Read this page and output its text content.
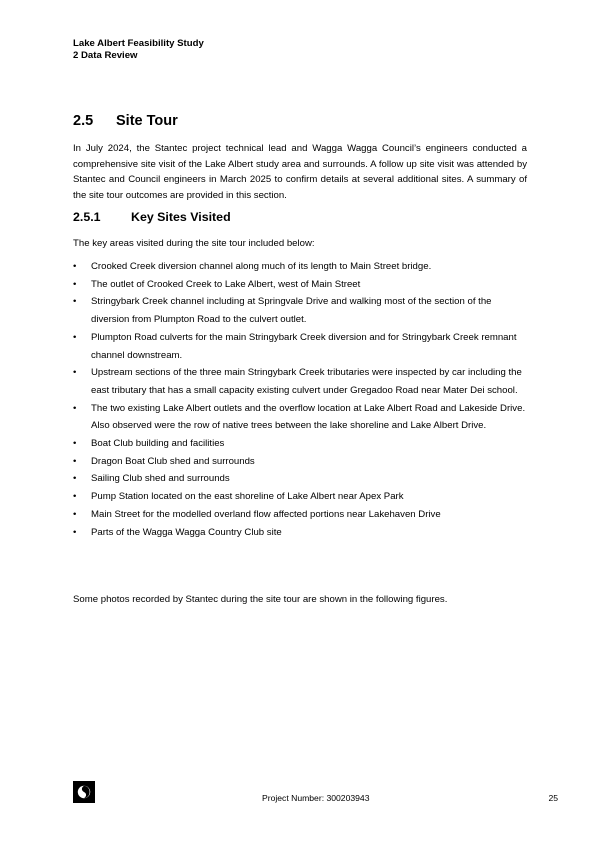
Lake Albert Feasibility Study
2 Data Review
2.5 Site Tour

In July 2024, the Stantec project technical lead and Wagga Wagga Council’s engineers conducted a comprehensive site visit of the Lake Albert study area and surrounds. A follow up site visit was attended by Stantec and Council engineers in March 2025 to confirm details at several additional sites. A summary of the site tour outcomes are provided in this section.

2.5.1 Key Sites Visited

The key areas visited during the site tour included below:

• Crooked Creek diversion channel along much of its length to Main Street bridge.
• The outlet of Crooked Creek to Lake Albert, west of Main Street
• Stringybark Creek channel including at Springvale Drive and walking most of the section of the diversion from Plumpton Road to the culvert outlet.
• Plumpton Road culverts for the main Stringybark Creek diversion and for Stringybark Creek remnant channel downstream.
• Upstream sections of the three main Stringybark Creek tributaries were inspected by car including the east tributary that has a small capacity existing culvert under Gregadoo Road near Mater Dei school.
• The two existing Lake Albert outlets and the overflow location at Lake Albert Road and Lakeside Drive. Also observed were the row of native trees between the lake shoreline and Lake Albert Drive.
• Boat Club building and facilities
• Dragon Boat Club shed and surrounds
• Sailing Club shed and surrounds
• Pump Station located on the east shoreline of Lake Albert near Apex Park
• Main Street for the modelled overland flow affected portions near Lakehaven Drive
• Parts of the Wagga Wagga Country Club site

Some photos recorded by Stantec during the site tour are shown in the following figures.

Project Number: 300203943	25
